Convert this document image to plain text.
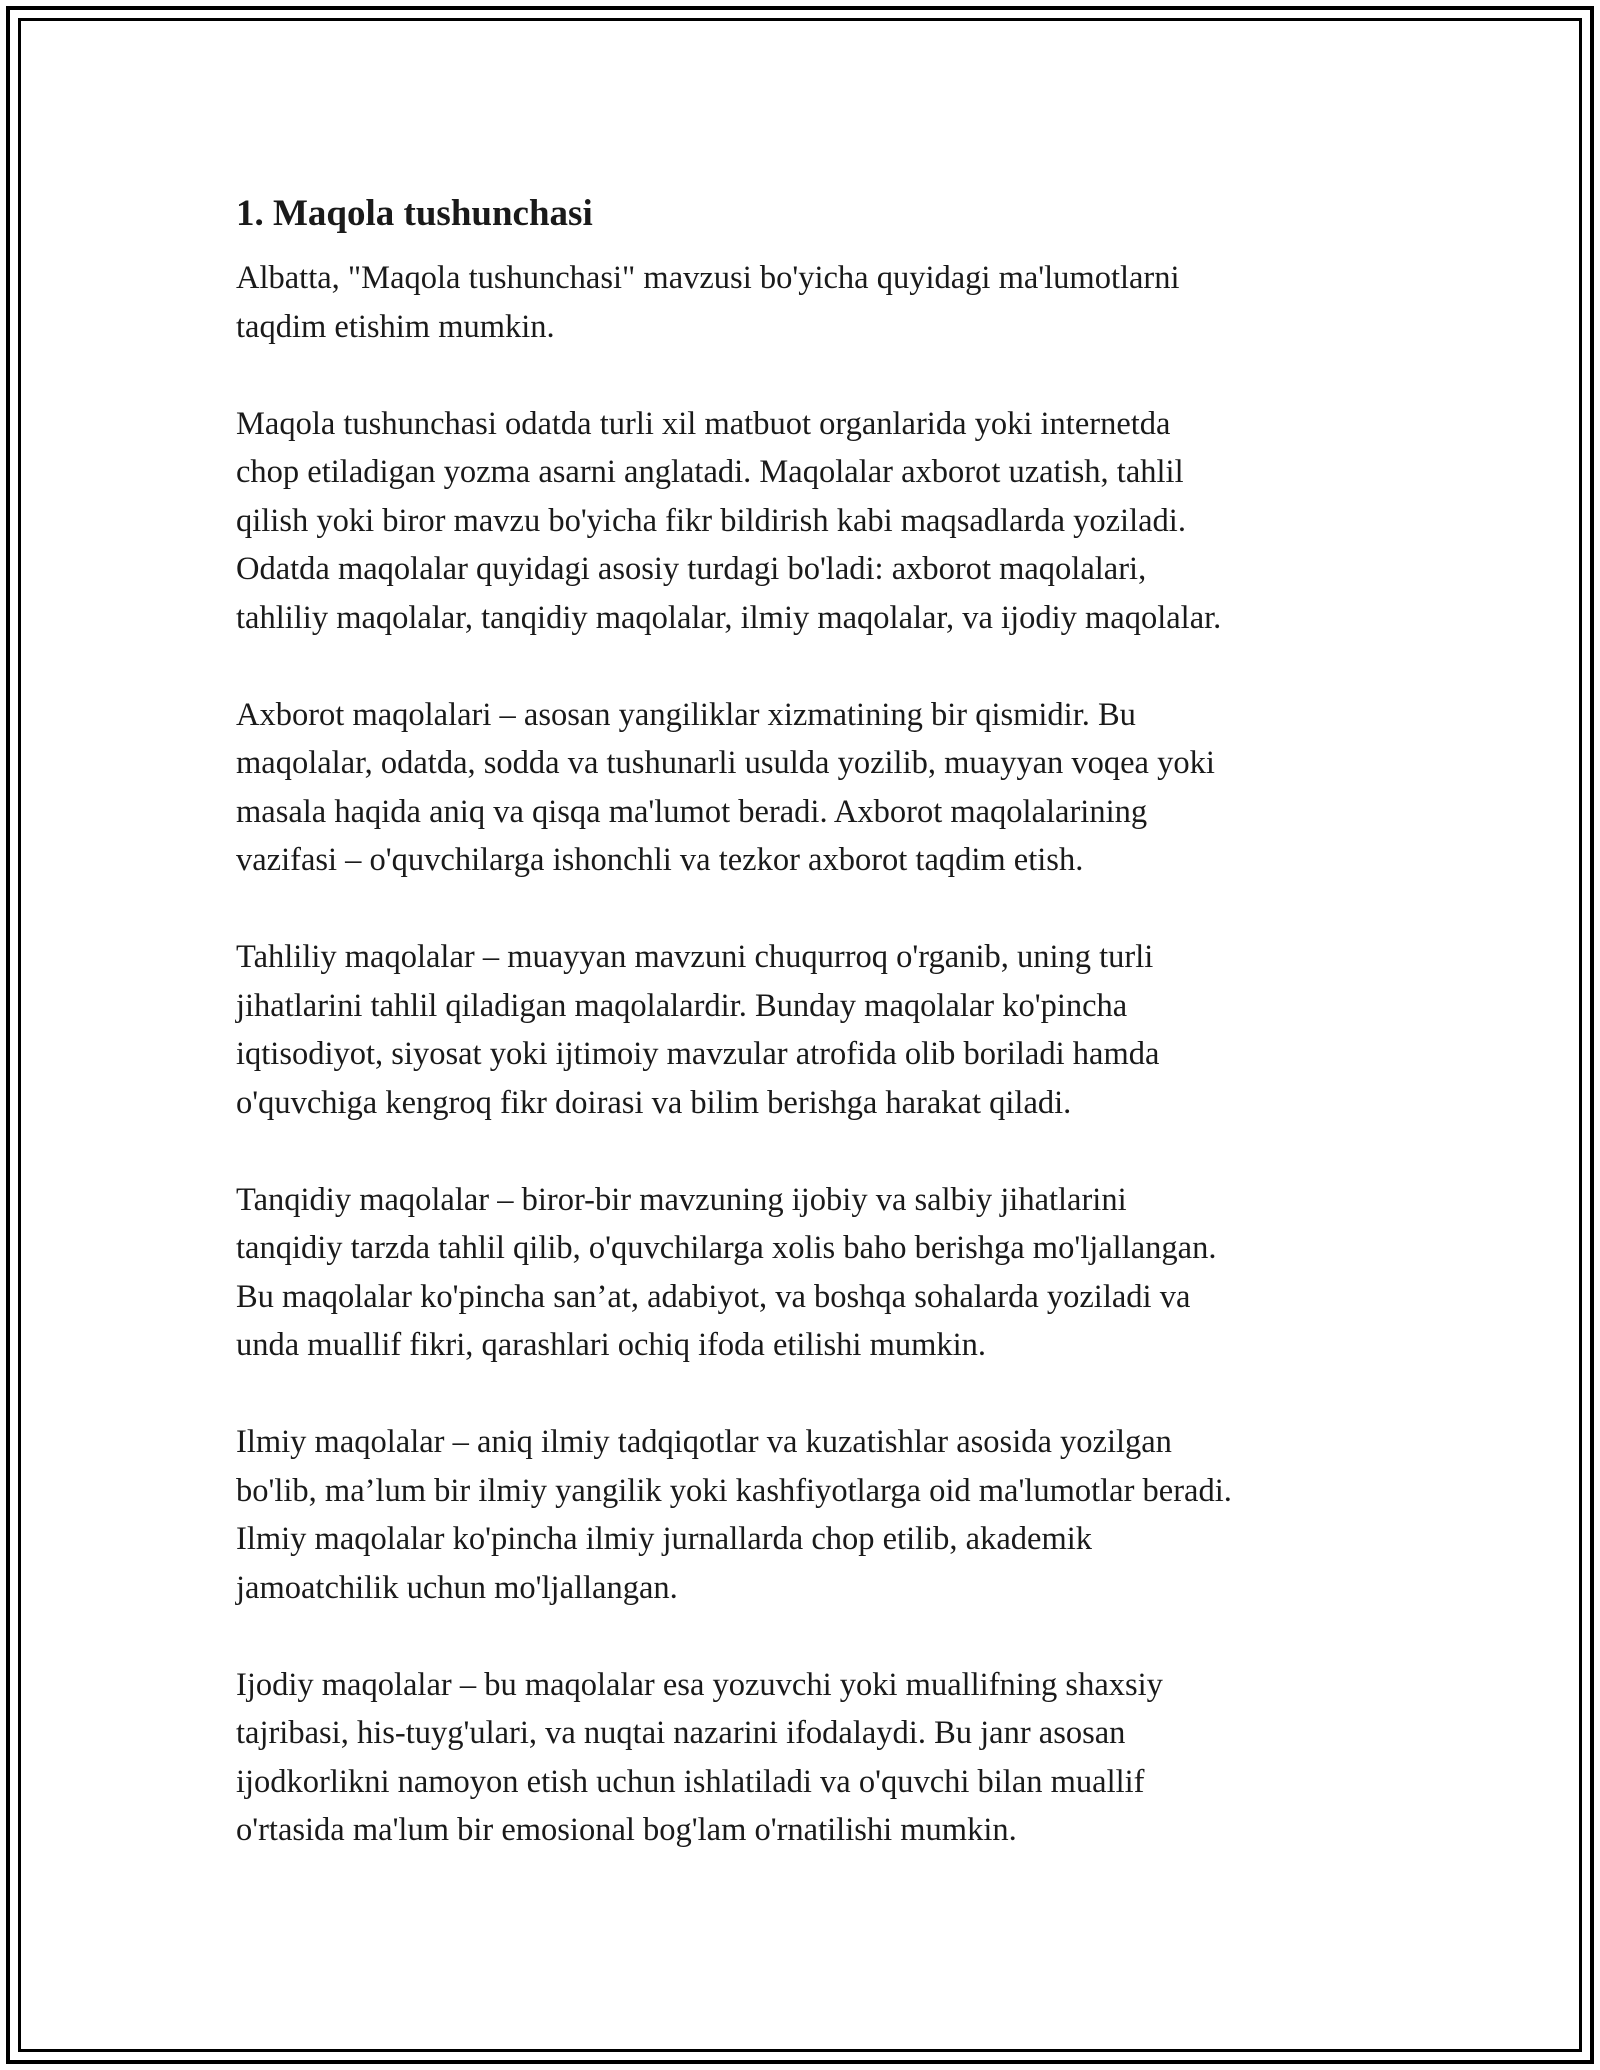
1. Maqola tushunchasi

Albatta, "Maqola tushunchasi" mavzusi bo'yicha quyidagi ma'lumotlarni
taqdim etishim mumkin.

Maqola tushunchasi odatda turli xil matbuot organlarida yoki internetda
chop etiladigan yozma asarni anglatadi. Maqolalar axborot uzatish, tahlil
qilish yoki biror mavzu bo'yicha fikr bildirish kabi maqsadlarda yoziladi.
Odatda maqolalar quyidagi asosiy turdagi bo'ladi: axborot maqolalari,
tahliliy maqolalar, tanqidiy maqolalar, ilmiy maqolalar, va ijodiy maqolalar.

Axborot maqolalari – asosan yangiliklar xizmatining bir qismidir. Bu
maqolalar, odatda, sodda va tushunarli usulda yozilib, muayyan voqea yoki
masala haqida aniq va qisqa ma'lumot beradi. Axborot maqolalarining
vazifasi – o'quvchilarga ishonchli va tezkor axborot taqdim etish.

Tahliliy maqolalar – muayyan mavzuni chuqurroq o'rganib, uning turli
jihatlarini tahlil qiladigan maqolalardir. Bunday maqolalar ko'pincha
iqtisodiyot, siyosat yoki ijtimoiy mavzular atrofida olib boriladi hamda
o'quvchiga kengroq fikr doirasi va bilim berishga harakat qiladi.

Tanqidiy maqolalar – biror-bir mavzuning ijobiy va salbiy jihatlarini
tanqidiy tarzda tahlil qilib, o'quvchilarga xolis baho berishga mo'ljallangan.
Bu maqolalar ko'pincha san’at, adabiyot, va boshqa sohalarda yoziladi va
unda muallif fikri, qarashlari ochiq ifoda etilishi mumkin.

Ilmiy maqolalar – aniq ilmiy tadqiqotlar va kuzatishlar asosida yozilgan
bo'lib, ma’lum bir ilmiy yangilik yoki kashfiyotlarga oid ma'lumotlar beradi.
Ilmiy maqolalar ko'pincha ilmiy jurnallarda chop etilib, akademik
jamoatchilik uchun mo'ljallangan.

Ijodiy maqolalar – bu maqolalar esa yozuvchi yoki muallifning shaxsiy
tajribasi, his-tuyg'ulari, va nuqtai nazarini ifodalaydi. Bu janr asosan
ijodkorlikni namoyon etish uchun ishlatiladi va o'quvchi bilan muallif
o'rtasida ma'lum bir emosional bog'lam o'rnatilishi mumkin.
